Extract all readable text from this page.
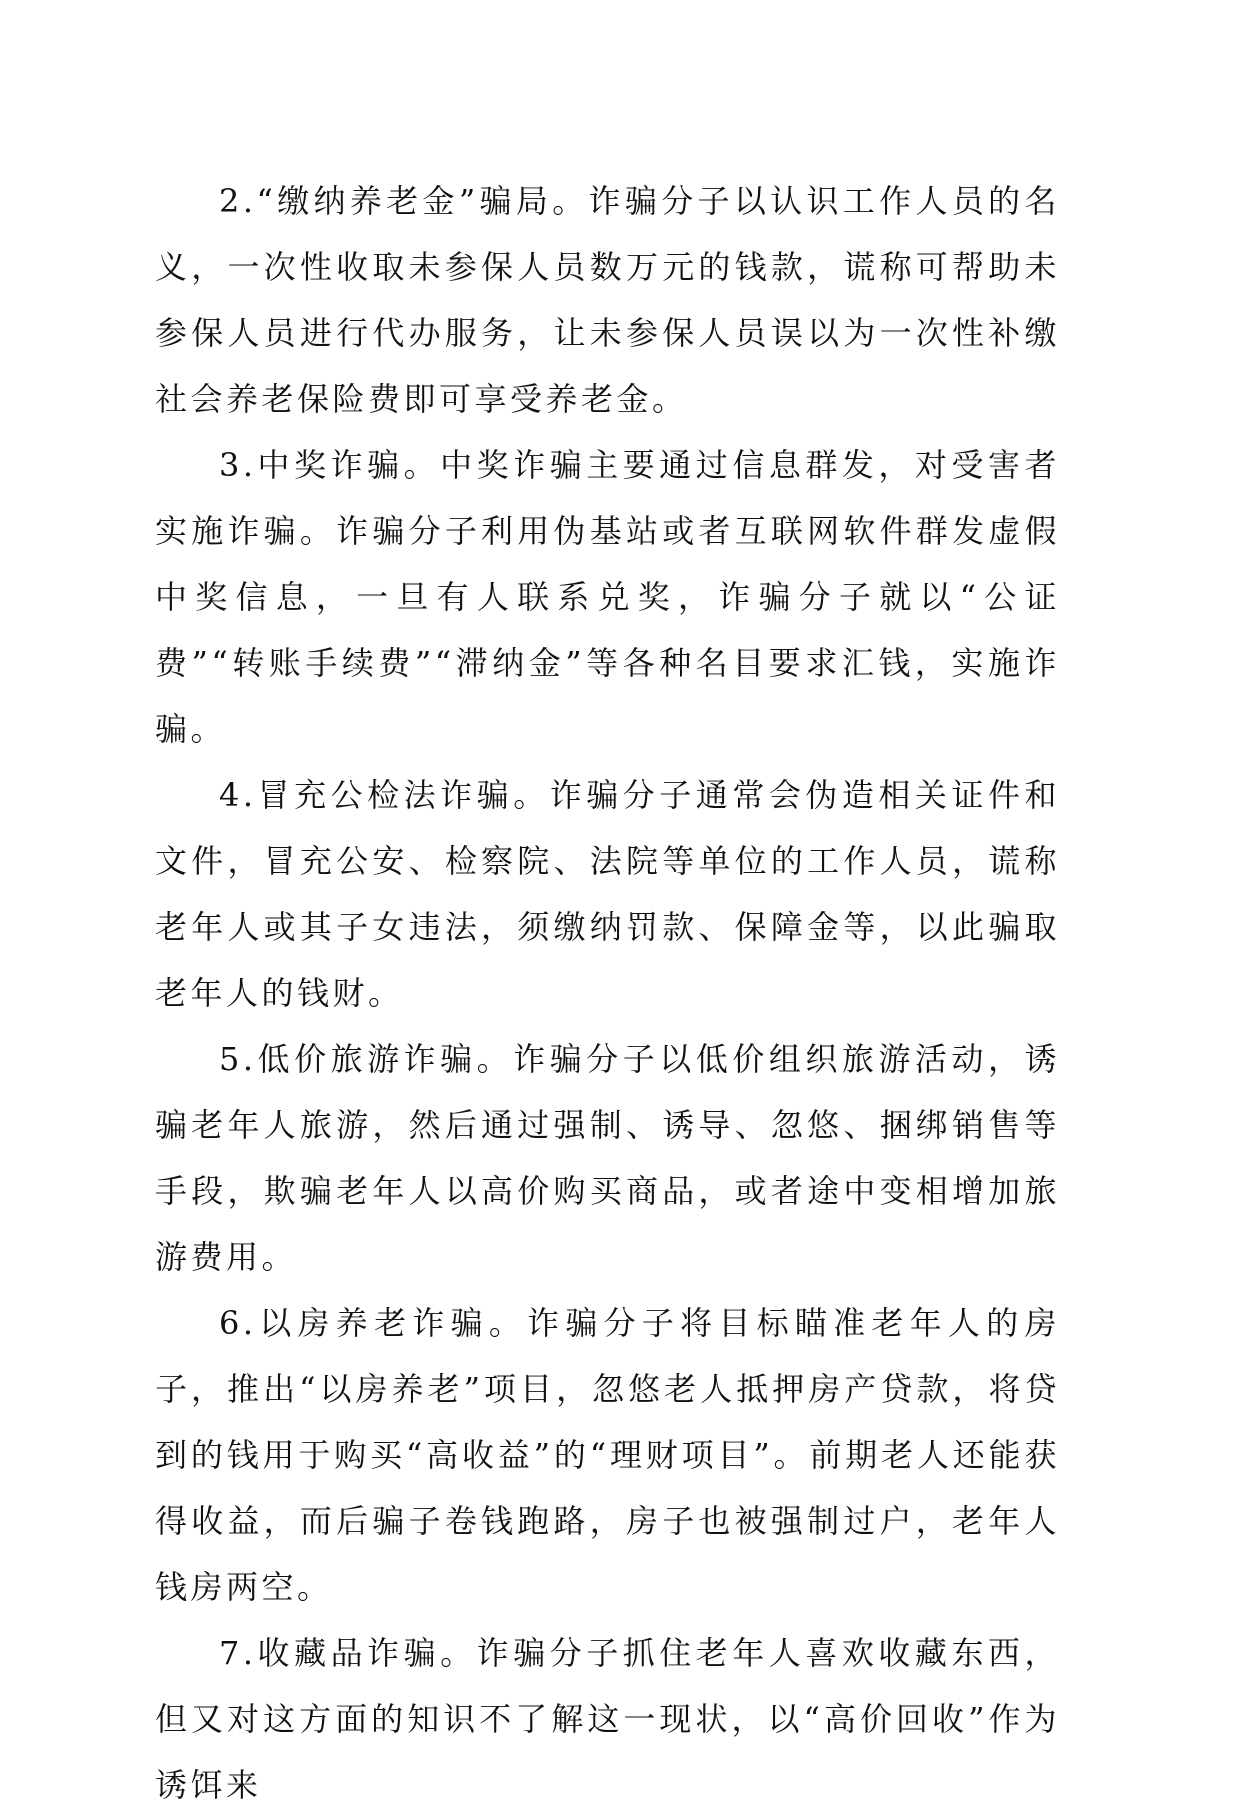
2.“缴纳养老金”骗局。诈骗分子以认识工作人员的名义，一次性收取未参保人员数万元的钱款，谎称可帮助未参保人员进行代办服务，让未参保人员误以为一次性补缴社会养老保险费即可享受养老金。

3.中奖诈骗。中奖诈骗主要通过信息群发，对受害者实施诈骗。诈骗分子利用伪基站或者互联网软件群发虚假中奖信息，一旦有人联系兑奖，诈骗分子就以“公证费”“转账手续费”“滞纳金”等各种名目要求汇钱，实施诈骗。

4.冒充公检法诈骗。诈骗分子通常会伪造相关证件和文件，冒充公安、检察院、法院等单位的工作人员，谎称老年人或其子女违法，须缴纳罚款、保障金等，以此骗取老年人的钱财。

5.低价旅游诈骗。诈骗分子以低价组织旅游活动，诱骗老年人旅游，然后通过强制、诱导、忽悠、捆绑销售等手段，欺骗老年人以高价购买商品，或者途中变相增加旅游费用。

6.以房养老诈骗。诈骗分子将目标瞄准老年人的房子，推出“以房养老”项目，忽悠老人抵押房产贷款，将贷到的钱用于购买“高收益”的“理财项目”。前期老人还能获得收益，而后骗子卷钱跑路，房子也被强制过户，老年人钱房两空。

7.收藏品诈骗。诈骗分子抓住老年人喜欢收藏东西，但又对这方面的知识不了解这一现状，以“高价回收”作为诱饵来
